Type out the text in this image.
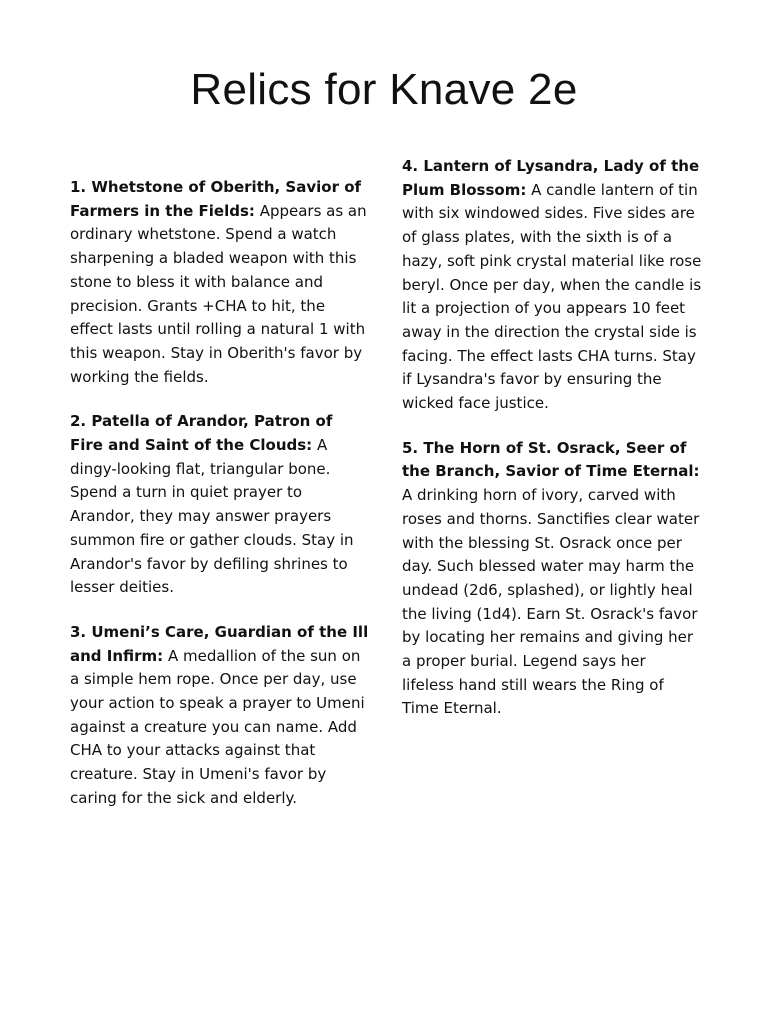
Relics for Knave 2e

1. Whetstone of Oberith, Savior of Farmers in the Fields: Appears as an ordinary whetstone. Spend a watch sharpening a bladed weapon with this stone to bless it with balance and precision. Grants +CHA to hit, the effect lasts until rolling a natural 1 with this weapon. Stay in Oberith's favor by working the fields.

2. Patella of Arandor, Patron of Fire and Saint of the Clouds: A dingy-looking flat, triangular bone. Spend a turn in quiet prayer to Arandor, they may answer prayers summon fire or gather clouds. Stay in Arandor's favor by defiling shrines to lesser deities.

3. Umeni’s Care, Guardian of the Ill and Infirm: A medallion of the sun on a simple hem rope. Once per day, use your action to speak a prayer to Umeni against a creature you can name. Add CHA to your attacks against that creature. Stay in Umeni's favor by caring for the sick and elderly.

4. Lantern of Lysandra, Lady of the Plum Blossom: A candle lantern of tin with six windowed sides. Five sides are of glass plates, with the sixth is of a hazy, soft pink crystal material like rose beryl. Once per day, when the candle is lit a projection of you appears 10 feet away in the direction the crystal side is facing. The effect lasts CHA turns. Stay if Lysandra's favor by ensuring the wicked face justice.

5. The Horn of St. Osrack, Seer of the Branch, Savior of Time Eternal: A drinking horn of ivory, carved with roses and thorns. Sanctifies clear water with the blessing St. Osrack once per day. Such blessed water may harm the undead (2d6, splashed), or lightly heal the living (1d4). Earn St. Osrack's favor by locating her remains and giving her a proper burial. Legend says her lifeless hand still wears the Ring of Time Eternal.
